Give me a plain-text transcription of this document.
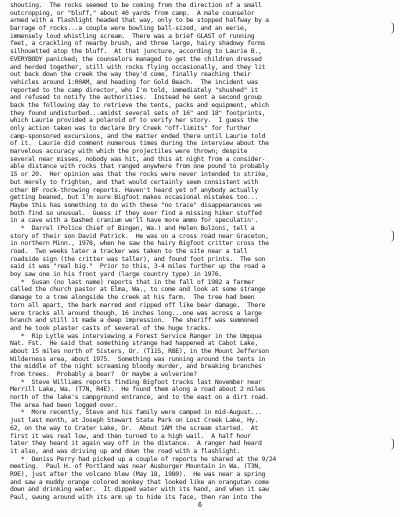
shouting.  The rocks seemed to be coming from the direction of a small
outcropping, or "bluff," about 40 yards from camp.  A male counselor
armed with a flashlight headed that way, only to be stopped halfway by a
barrage of rocks...a couple were bowling ball-sized, and an eerie,
immensely loud whistling scream.  There was a brief GLAST of running
feet, a crackling of nearby brush, and three large, hairy shadowy forms
silhouetted atop the bluff.  At that juncture, according to Laurie B.,
EVERYBODY panicked; the counselors managed to get the children dressed
and herded together, still with rocks flying occasionally, and they lit
out back down the creek the way they'd come, finally reaching their
vehicles around 1:00AM, and heading for Gold Beach.  The incident was
reported to the camp director, who I'm told, immediately "shushed" it
and refused to notify the authorities.  Instead he sent a second group
back the following day to retrieve the tents, packs and equipment, which
they found undisturbed...amidst several sets of 16" and 18" footprints,
which Laurie provided a polaroid of to verify her story.  I guess the
only action taken was to declare Dry Creek "off-limits" for further
camp-sponsored excursions, and the matter ended there until Laurie told
of it.  Laurie did comment numerous times during the interview about the
marvelous accuracy with which the projectiles were thrown; despite
several near misses, nobody was hit, and this at night from a consider-
able distance with rocks that ranged anywhere from one pound to probably
15 or 20.  Her opinion was that the rocks were never intended to strike,
but merely to frighten, and that would certainly seem consistent with
other BF rock-throwing reports. Haven't heard yet of anybody actually
getting beaned, but I'm sure Bigfoot makes occasional mistakes too...
Maybe this has something to do with these "no trace" disappearances we
both find so unusual.  Guess if they ever find a missing hiker stuffed
in a cave with a bashed cranium we'll have more ammo for speculatin'.
*  Darrel (Police Chief of Bingen, Wa.) and Helen Bulzoni, tell a
story of their son David Patrick.  He was on a cross road near Graceton,
in northern Minn., 1978, when he saw the hairy Bigfoot critter cross the
road.  Two weeks later a tracker was taken to the site near a tall
roadside sign (the critter was taller), and found foot prints.  The son
said it was "real big."  Prior to this, 3-4 miles further up the road a
boy saw one in his front yard (large country type) in 1976.
*  Susan (no last name) reports that in the fall of 1982 a farmer
called the church pastor at Elma, Wa., to come and look at some strange
damage to a tree alongside the creek at his farm.  The tree had been
torn all apart, the bark marred and ripped off like bear damage.  There
were tracks all around though, 16 inches long...one was across a large
branch and still it made a deep impression.  The sheriff was summoned
and he took plaster casts of several of the huge tracks.
*  Rip Lytle was interviewing a Forest Service Ranger in the Umpqua
Nat. Fst.  He said that something strange had happened at Cabot Lake,
about 15 miles north of Sisters, Or. (T11S, R8E), in the Mount Jefferson
Wilderness area, about 1975.  Something was running around the tents in
the middle of the night screaming bloody murder, and breaking branches
from trees.  Probably a bear?  Or maybe a wolverine?
*  Steve Williams reports finding Bigfoot tracks last November near
Merrill Lake, Wa. (T7N, R4E).  He found them along a road about 2 miles
north of the lake's campground entrance, and to the east on a dirt road.
The area had been logged over.
*  More recently, Steve and his family were camped in mid-August...
just last month, at Joseph Stewart State Park on Lost Creek Lake, Hy.
62, on the way to Crater Lake, Or.  About 1AM the scream started.  At
first it was real low, and then turned to a high wail.  A half hour
later they heard it again way off in the distance.  A ranger had heard
it also, and was driving up and down the road with a flashlight.
*  Deniss Perry had picked up a couple of reports he shared at the 9/24
meeting.  Paul H. of Portland was near Ausburger Mountain in Wa. (T3N,
R9E), just after the volcano blew (May 18, 1980).  He was near a spring
and saw a muddy orange colored monkey that looked like an orangutan come
down and drinking water.  It dipped water with its hand, and when it saw
Paul, swung around with its arm up to hide its face, then ran into the
6
